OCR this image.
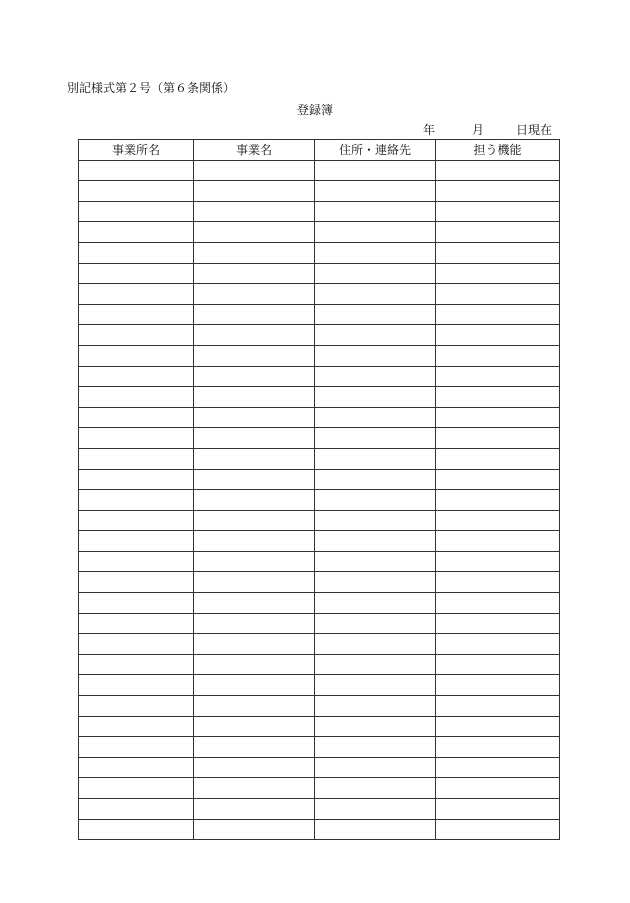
別記様式第２号（第６条関係）
登録簿
年	月	日現在
事業所名	事業名	住所・連絡先	担う機能
